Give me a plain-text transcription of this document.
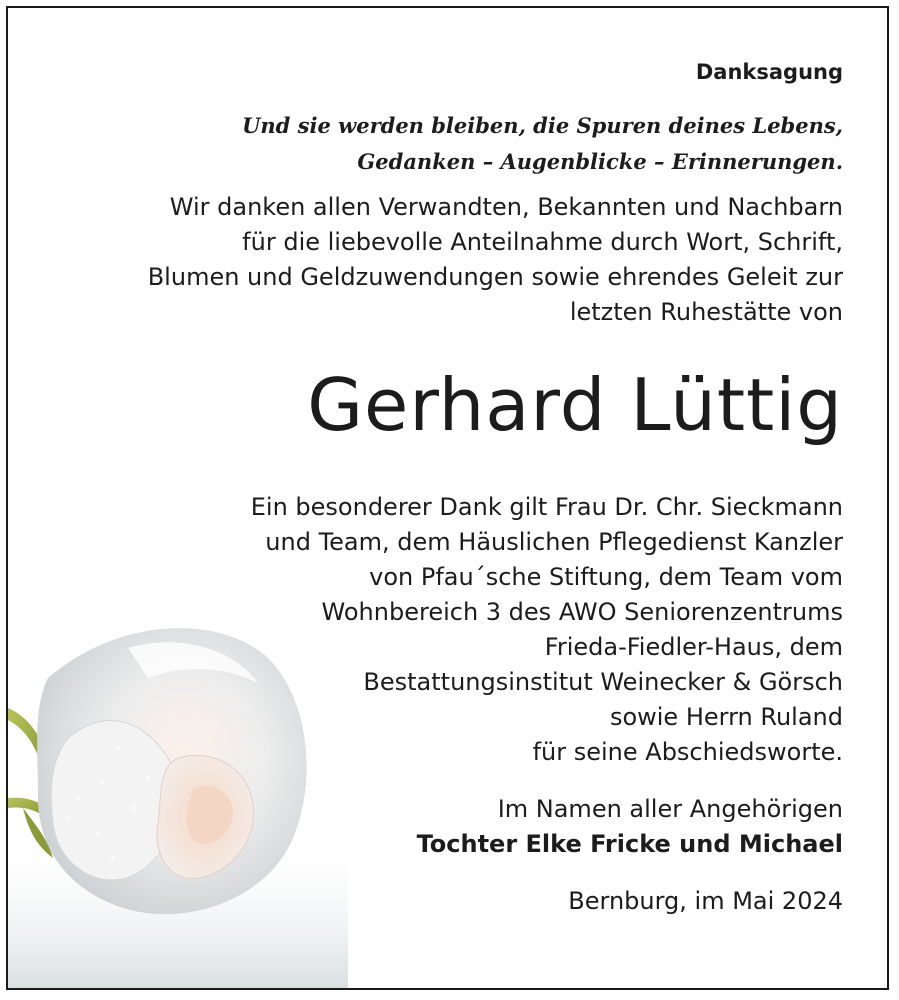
Danksagung

Und sie werden bleiben, die Spuren deines Lebens,
Gedanken – Augenblicke – Erinnerungen.

Wir danken allen Verwandten, Bekannten und Nachbarn
für die liebevolle Anteilnahme durch Wort, Schrift,
Blumen und Geldzuwendungen sowie ehrendes Geleit zur
letzten Ruhestätte von

Gerhard Lüttig

Ein besonderer Dank gilt Frau Dr. Chr. Sieckmann
und Team, dem Häuslichen Pflegedienst Kanzler
von Pfau´sche Stiftung, dem Team vom
Wohnbereich 3 des AWO Seniorenzentrums
Frieda-Fiedler-Haus, dem
Bestattungsinstitut Weinecker & Görsch
sowie Herrn Ruland
für seine Abschiedsworte.

Im Namen aller Angehörigen
Tochter Elke Fricke und Michael

Bernburg, im Mai 2024
